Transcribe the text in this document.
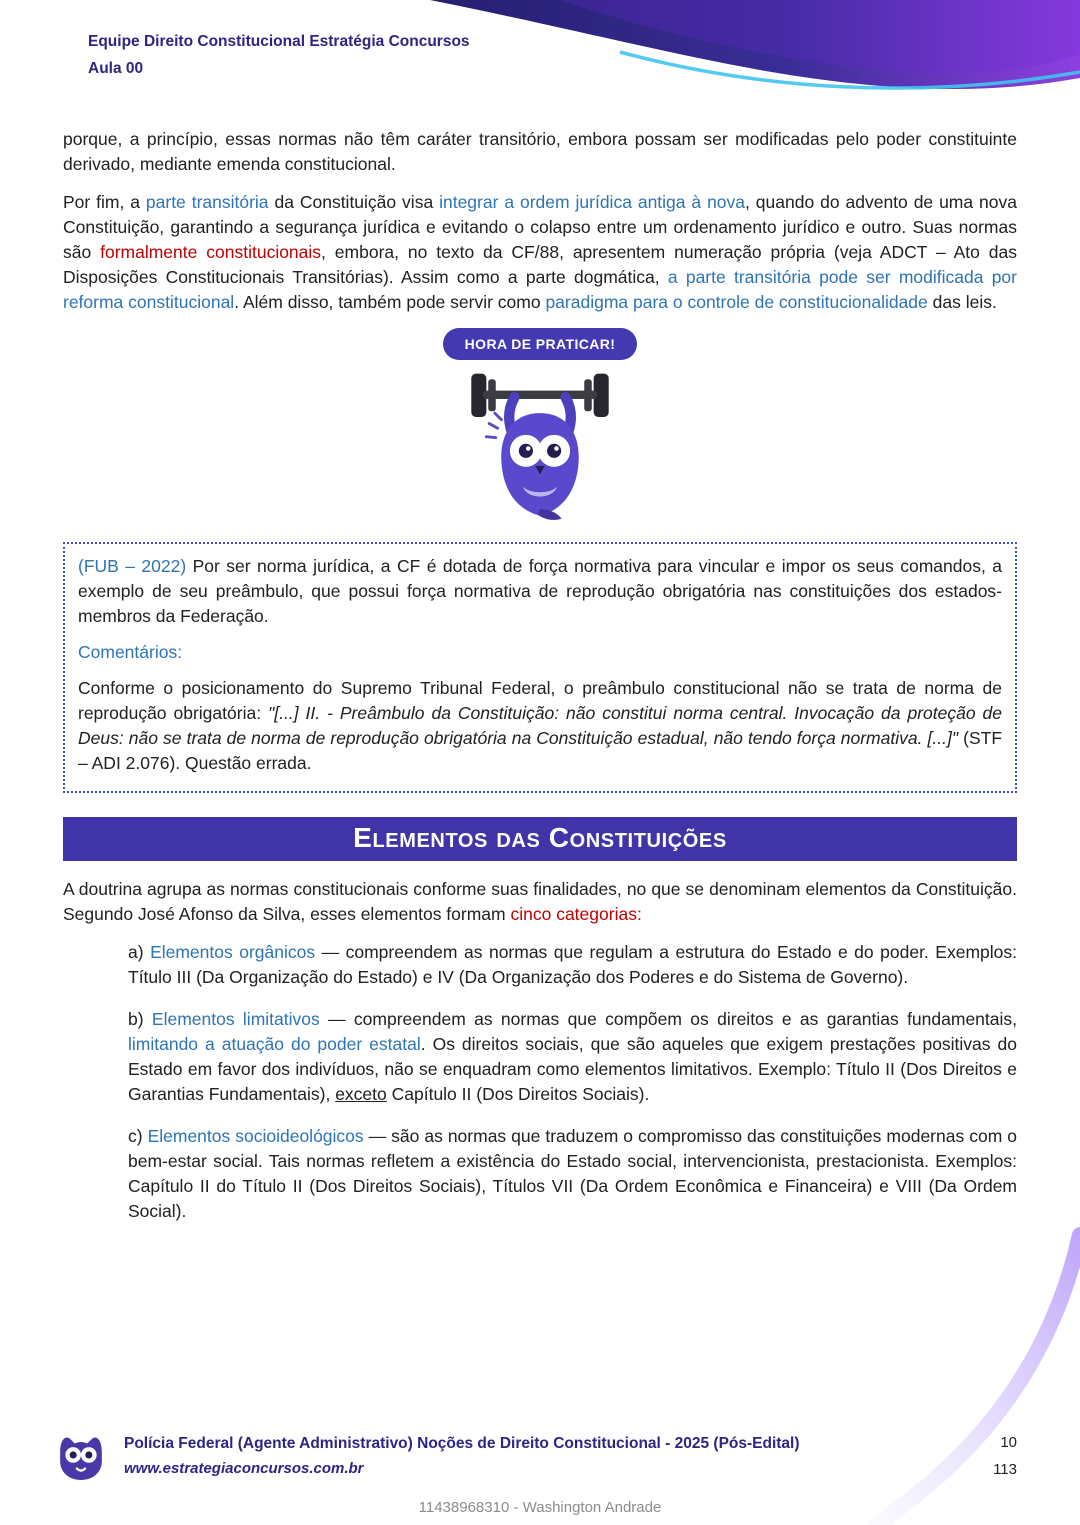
Equipe Direito Constitucional Estratégia Concursos
Aula 00

porque, a princípio, essas normas não têm caráter transitório, embora possam ser modificadas pelo poder constituinte derivado, mediante emenda constitucional.

Por fim, a parte transitória da Constituição visa integrar a ordem jurídica antiga à nova, quando do advento de uma nova Constituição, garantindo a segurança jurídica e evitando o colapso entre um ordenamento jurídico e outro. Suas normas são formalmente constitucionais, embora, no texto da CF/88, apresentem numeração própria (veja ADCT – Ato das Disposições Constitucionais Transitórias). Assim como a parte dogmática, a parte transitória pode ser modificada por reforma constitucional. Além disso, também pode servir como paradigma para o controle de constitucionalidade das leis.

HORA DE PRATICAR!

(FUB – 2022) Por ser norma jurídica, a CF é dotada de força normativa para vincular e impor os seus comandos, a exemplo de seu preâmbulo, que possui força normativa de reprodução obrigatória nas constituições dos estados-membros da Federação.

Comentários:

Conforme o posicionamento do Supremo Tribunal Federal, o preâmbulo constitucional não se trata de norma de reprodução obrigatória: "[...] II. - Preâmbulo da Constituição: não constitui norma central. Invocação da proteção de Deus: não se trata de norma de reprodução obrigatória na Constituição estadual, não tendo força normativa. [...]" (STF – ADI 2.076). Questão errada.

Elementos das Constituições

A doutrina agrupa as normas constitucionais conforme suas finalidades, no que se denominam elementos da Constituição. Segundo José Afonso da Silva, esses elementos formam cinco categorias:

a) Elementos orgânicos — compreendem as normas que regulam a estrutura do Estado e do poder. Exemplos: Título III (Da Organização do Estado) e IV (Da Organização dos Poderes e do Sistema de Governo).

b) Elementos limitativos — compreendem as normas que compõem os direitos e as garantias fundamentais, limitando a atuação do poder estatal. Os direitos sociais, que são aqueles que exigem prestações positivas do Estado em favor dos indivíduos, não se enquadram como elementos limitativos. Exemplo: Título II (Dos Direitos e Garantias Fundamentais), exceto Capítulo II (Dos Direitos Sociais).

c) Elementos socioideológicos — são as normas que traduzem o compromisso das constituições modernas com o bem-estar social. Tais normas refletem a existência do Estado social, intervencionista, prestacionista. Exemplos: Capítulo II do Título II (Dos Direitos Sociais), Títulos VII (Da Ordem Econômica e Financeira) e VIII (Da Ordem Social).

Polícia Federal (Agente Administrativo) Noções de Direito Constitucional - 2025 (Pós-Edital)
www.estrategiaconcursos.com.br
10
113
11438968310 - Washington Andrade
